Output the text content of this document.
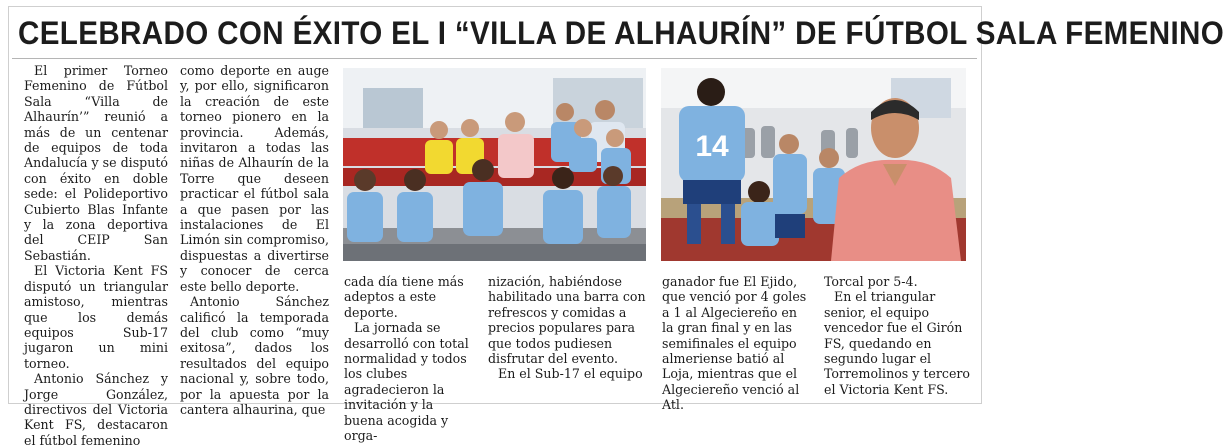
CELEBRADO CON ÉXITO EL I “VILLA DE ALHAURÍN” DE FÚTBOL SALA FEMENINO

El primer Torneo Femenino de Fútbol Sala “Villa de Alhaurín’” reunió a más de un centenar de equipos de toda Andalucía y se disputó con éxito en doble sede: el Polideportivo Cubierto Blas Infante y la zona deportiva del CEIP San Sebastián.

El Victoria Kent FS disputó un triangular amistoso, mientras que los demás equipos Sub-17 jugaron un mini torneo.

Antonio Sánchez y Jorge González, directivos del Victoria Kent FS, destacaron el fútbol femenino

como deporte en auge y, por ello, significaron la creación de este torneo pionero en la provincia. Además, invitaron a todas las niñas de Alhaurín de la Torre que deseen practicar el fútbol sala a que pasen por las instalaciones de El Limón sin compromiso, dispuestas a divertirse y conocer de cerca este bello deporte.

Antonio Sánchez calificó la temporada del club como “muy exitosa”, dados los resultados del equipo nacional y, sobre todo, por la apuesta por la cantera alhaurina, que

14

cada día tiene más adeptos a este deporte.

La jornada se desarrolló con total normalidad y todos los clubes agradecieron la invitación y la buena acogida y orga-

nización, habiéndose habilitado una barra con refrescos y comidas a precios populares para que todos pudiesen disfrutar del evento.

En el Sub-17 el equipo

ganador fue El Ejido, que venció por 4 goles a 1 al Algeciereño en la gran final y en las semifinales el equipo almeriense batió al Loja, mientras que el Algeciereño venció al Atl.

Torcal por 5-4.

En el triangular senior, el equipo vencedor fue el Girón FS, quedando en segundo lugar el Torremolinos y tercero el Victoria Kent FS.
